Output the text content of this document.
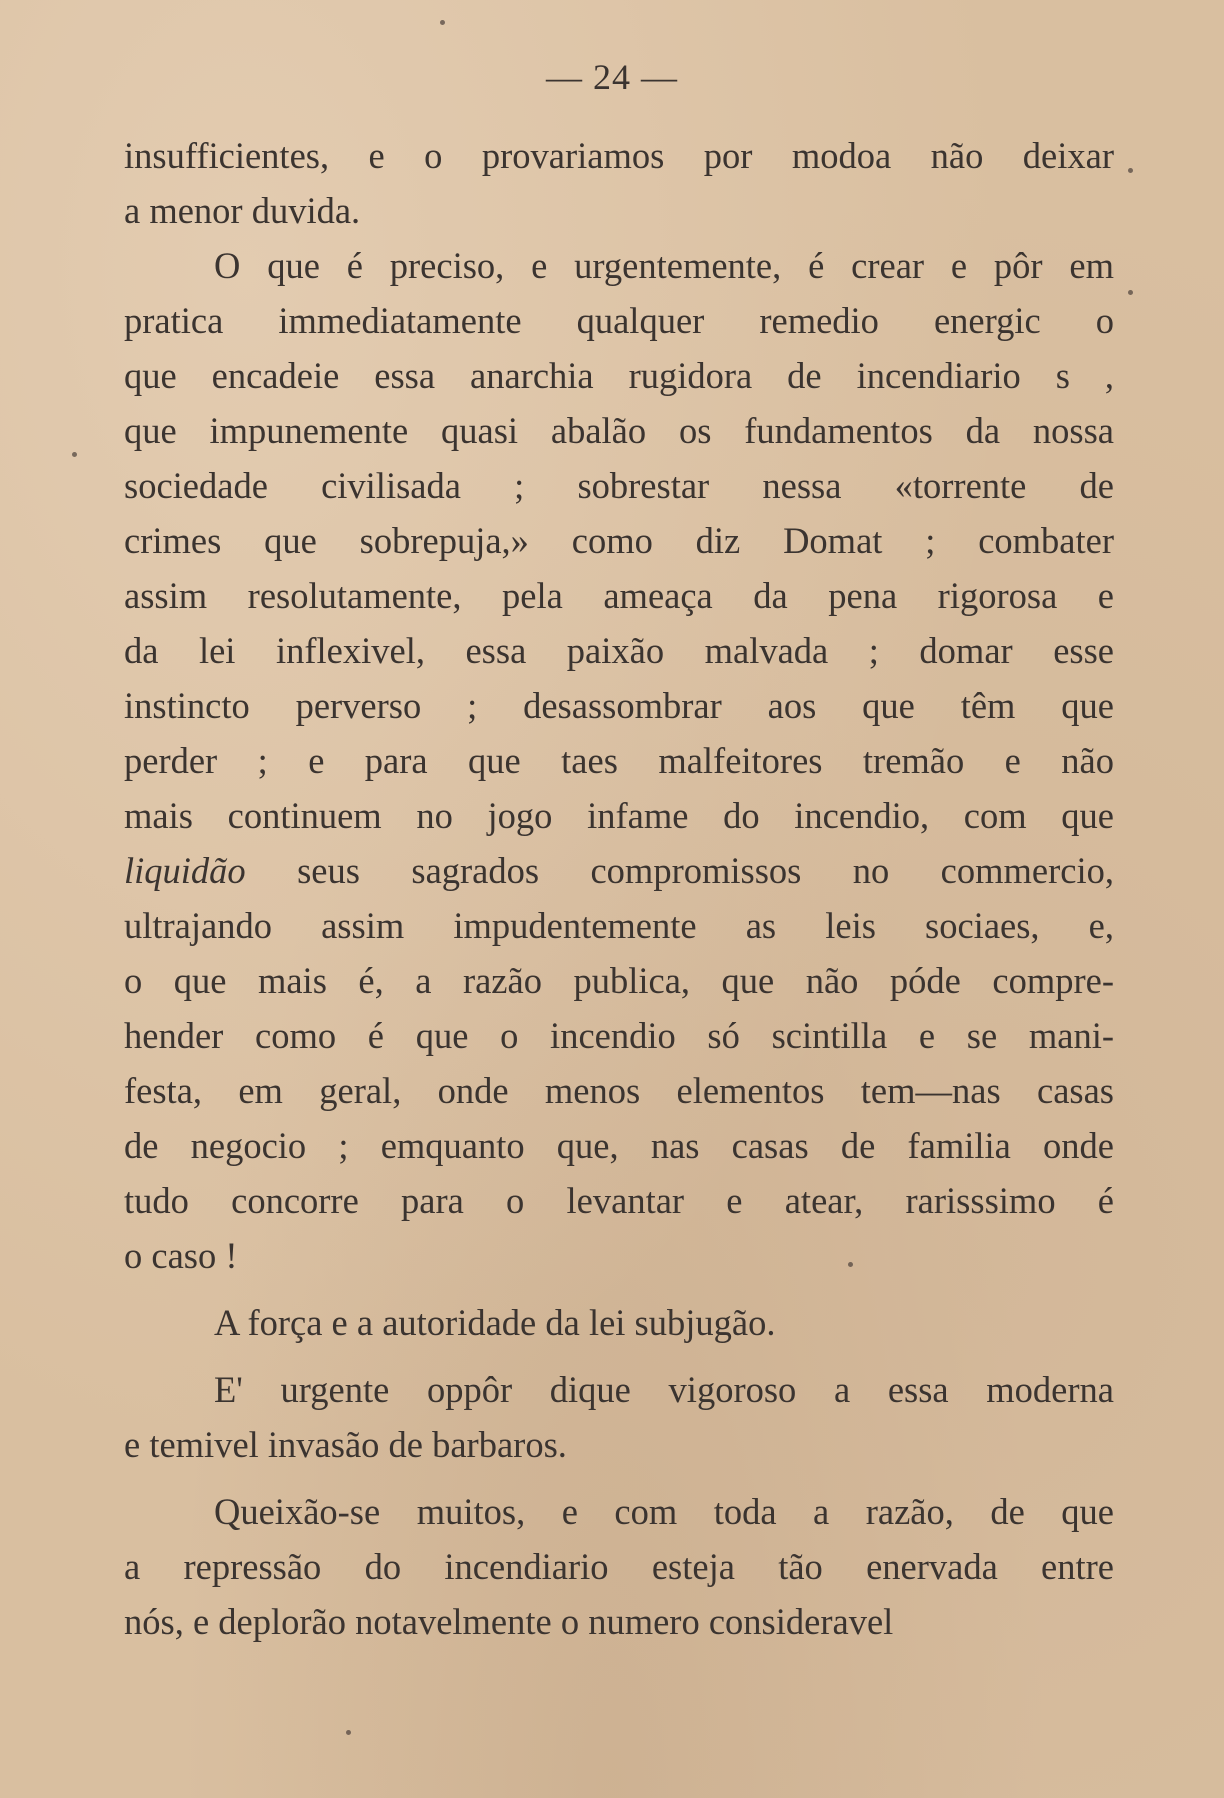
— 24 —
insufficientes, e o provariamos por modoa não deixar
a menor duvida.
O que é preciso, e urgentemente, é crear e pôr em
pratica immediatamente qualquer remedio energic o
que encadeie essa anarchia rugidora de incendiario s ,
que impunemente quasi abalão os fundamentos da nossa
sociedade civilisada ; sobrestar nessa «torrente de
crimes que sobrepuja,» como diz Domat ; combater
assim resolutamente, pela ameaça da pena rigorosa e
da lei inflexivel, essa paixão malvada ; domar esse
instincto perverso ; desassombrar aos que têm que
perder ; e para que taes malfeitores tremão e não
mais continuem no jogo infame do incendio, com que
liquidão seus sagrados compromissos no commercio,
ultrajando assim impudentemente as leis sociaes, e,
o que mais é, a razão publica, que não póde compre-
hender como é que o incendio só scintilla e se mani-
festa, em geral, onde menos elementos tem—nas casas
de negocio ; emquanto que, nas casas de familia onde
tudo concorre para o levantar e atear, rarisssimo é
o caso !
A força e a autoridade da lei subjugão.
E' urgente oppôr dique vigoroso a essa moderna
e temivel invasão de barbaros.
Queixão-se muitos, e com toda a razão, de que
a repressão do incendiario esteja tão enervada entre
nós, e deplorão notavelmente o numero consideravel
